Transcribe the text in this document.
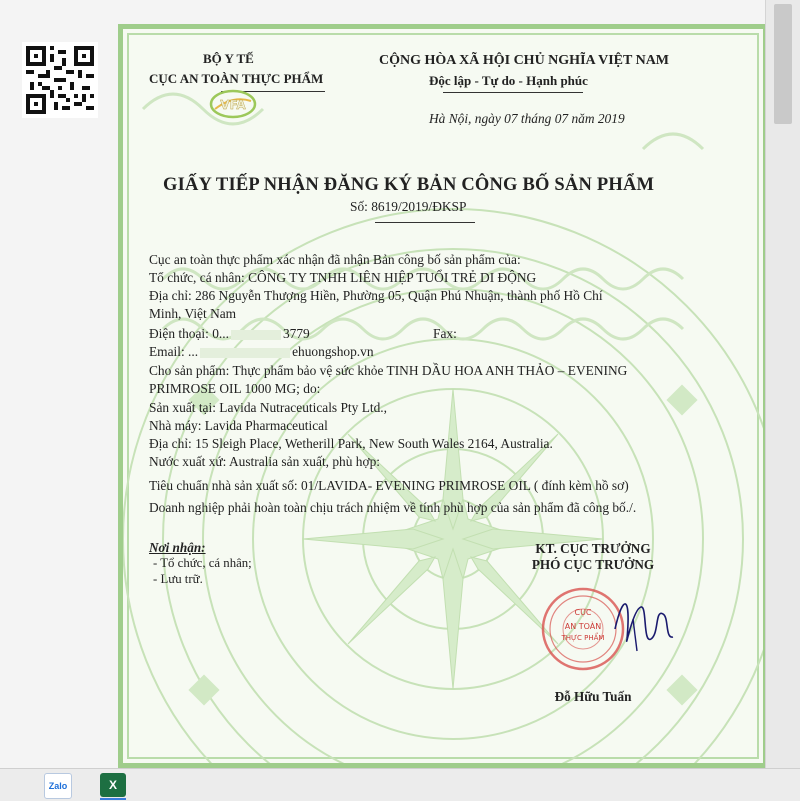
BỘ Y TẾ
CỤC AN TOÀN THỰC PHẨM
VFA
CỘNG HÒA XÃ HỘI CHỦ NGHĨA VIỆT NAM
Độc lập - Tự do - Hạnh phúc
Hà Nội, ngày 07 tháng 07 năm 2019
GIẤY TIẾP NHẬN ĐĂNG KÝ BẢN CÔNG BỐ SẢN PHẨM
Số: 8619/2019/ĐKSP
Cục an toàn thực phẩm xác nhận đã nhận Bản công bố sản phẩm của:
Tổ chức, cá nhân: CÔNG TY TNHH LIÊN HIỆP TUỔI TRẺ DI ĐỘNG
Địa chỉ: 286 Nguyễn Thượng Hiền, Phường 05, Quận Phú Nhuận, thành phố Hồ Chí
Minh, Việt Nam
Điện thoại: 0...	3779	Fax:
Email: ...	ehuongshop.vn
Cho sản phẩm: Thực phẩm bảo vệ sức khỏe TINH DẦU HOA ANH THẢO – EVENING
PRIMROSE OIL 1000 MG; do:
Sản xuất tại: Lavida Nutraceuticals Pty Ltd.,
Nhà máy: Lavida Pharmaceutical
Địa chỉ: 15 Sleigh Place, Wetherill Park, New South Wales 2164, Australia.
Nước xuất xứ: Australia sản xuất, phù hợp:
Tiêu chuẩn nhà sản xuất số: 01/LAVIDA- EVENING PRIMROSE OIL ( đính kèm hồ sơ)
Doanh nghiệp phải hoàn toàn chịu trách nhiệm về tính phù hợp của sản phẩm đã công bố./.
Nơi nhận:
- Tổ chức, cá nhân;
- Lưu trữ.
KT. CỤC TRƯỞNG
PHÓ CỤC TRƯỞNG
CỤC
AN TOÀN
THỰC PHẨM
Đỗ Hữu Tuấn
Zalo	X
